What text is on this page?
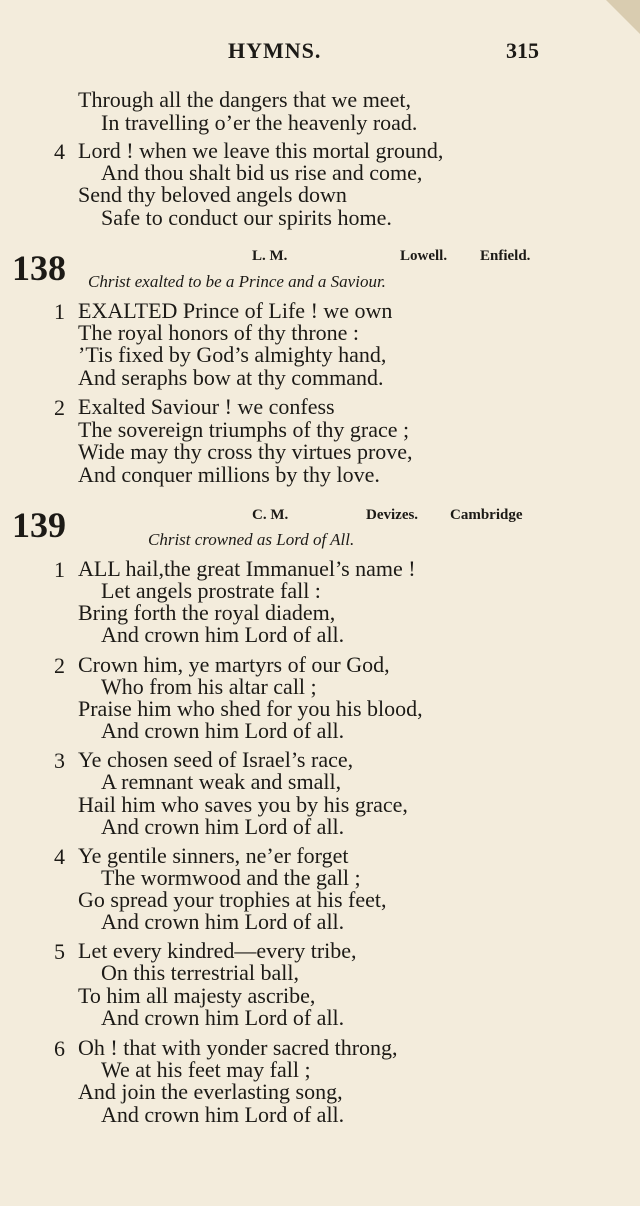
HYMNS.	315
Through all the dangers that we meet,
In travelling o’er the heavenly road.
4 Lord ! when we leave this mortal ground,
And thou shalt bid us rise and come,
Send thy beloved angels down
Safe to conduct our spirits home.
138	L. M.	Lowell. Enfield.
Christ exalted to be a Prince and a Saviour.
1 EXALTED Prince of Life ! we own
The royal honors of thy throne :
’Tis fixed by God’s almighty hand,
And seraphs bow at thy command.
2 Exalted Saviour ! we confess
The sovereign triumphs of thy grace ;
Wide may thy cross thy virtues prove,
And conquer millions by thy love.
139	C. M.	Devizes. Cambridge
Christ crowned as Lord of All.
1 ALL hail,the great Immanuel’s name !
Let angels prostrate fall :
Bring forth the royal diadem,
And crown him Lord of all.
2 Crown him, ye martyrs of our God,
Who from his altar call ;
Praise him who shed for you his blood,
And crown him Lord of all.
3 Ye chosen seed of Israel’s race,
A remnant weak and small,
Hail him who saves you by his grace,
And crown him Lord of all.
4 Ye gentile sinners, ne’er forget
The wormwood and the gall ;
Go spread your trophies at his feet,
And crown him Lord of all.
5 Let every kindred—every tribe,
On this terrestrial ball,
To him all majesty ascribe,
And crown him Lord of all.
6 Oh ! that with yonder sacred throng,
We at his feet may fall ;
And join the everlasting song,
And crown him Lord of all.
